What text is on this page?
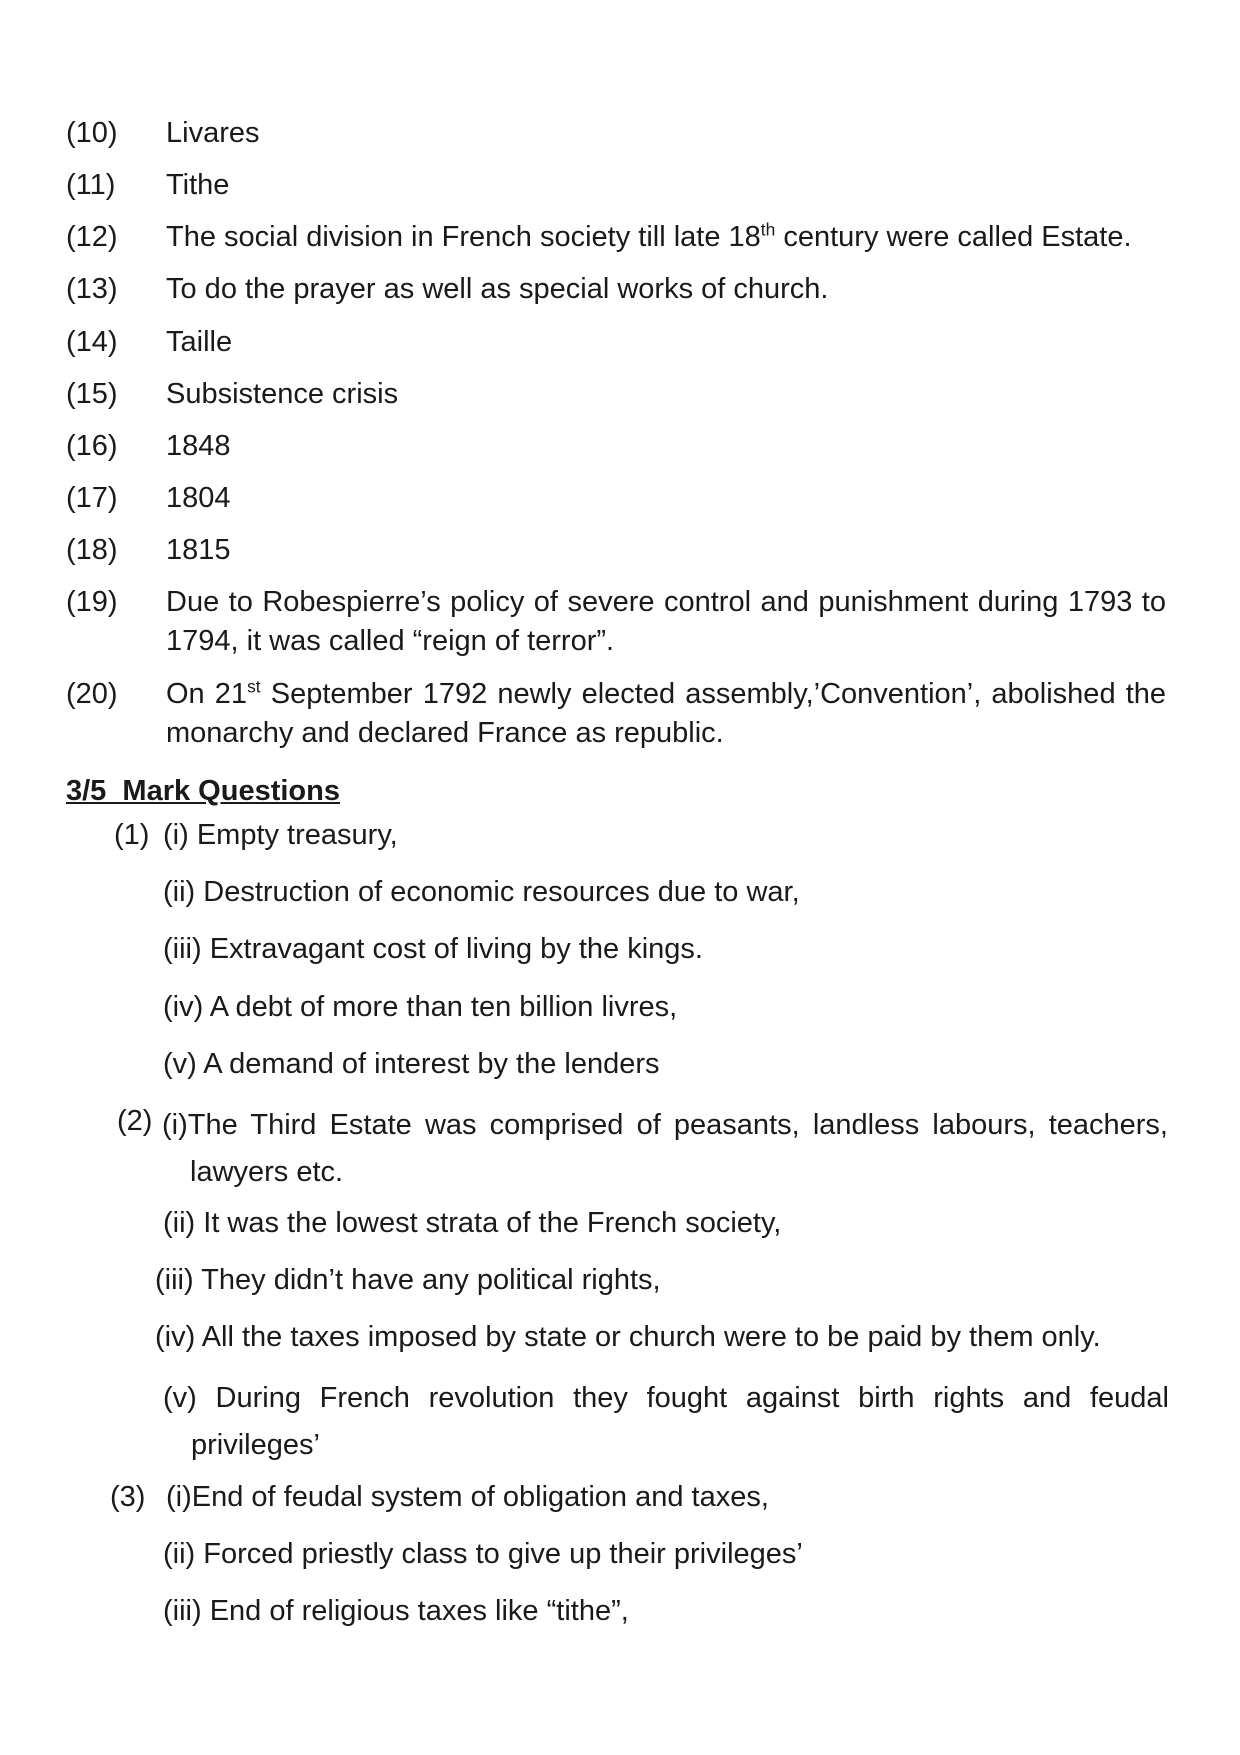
(10)	Livares
(11)	Tithe
(12)	The social division in French society till late 18th century were called Estate.
(13)	To do the prayer as well as special works of church.
(14)	Taille
(15)	Subsistence crisis
(16)	1848
(17)	1804
(18)	1815
(19)	Due to Robespierre’s policy of severe control and punishment during 1793 to 1794, it was called “reign of terror”.
(20)	On 21st September 1792 newly elected assembly,’Convention’, abolished the monarchy and declared France as republic.
3/5  Mark Questions
(1) (i) Empty treasury,
(ii) Destruction of economic resources due to war,
(iii) Extravagant cost of living by the kings.
(iv) A debt of more than ten billion livres,
(v) A demand of interest by the lenders
(2) (i)The Third Estate was comprised of peasants, landless labours, teachers, lawyers etc.
(ii) It was the lowest strata of the French society,
(iii) They didn’t have any political rights,
(iv) All the taxes imposed by state or church were to be paid by them only.
(v) During French revolution they fought against birth rights and feudal privileges’
(3) (i)End of feudal system of obligation and taxes,
(ii) Forced priestly class to give up their privileges’
(iii) End of religious taxes like “tithe”,
